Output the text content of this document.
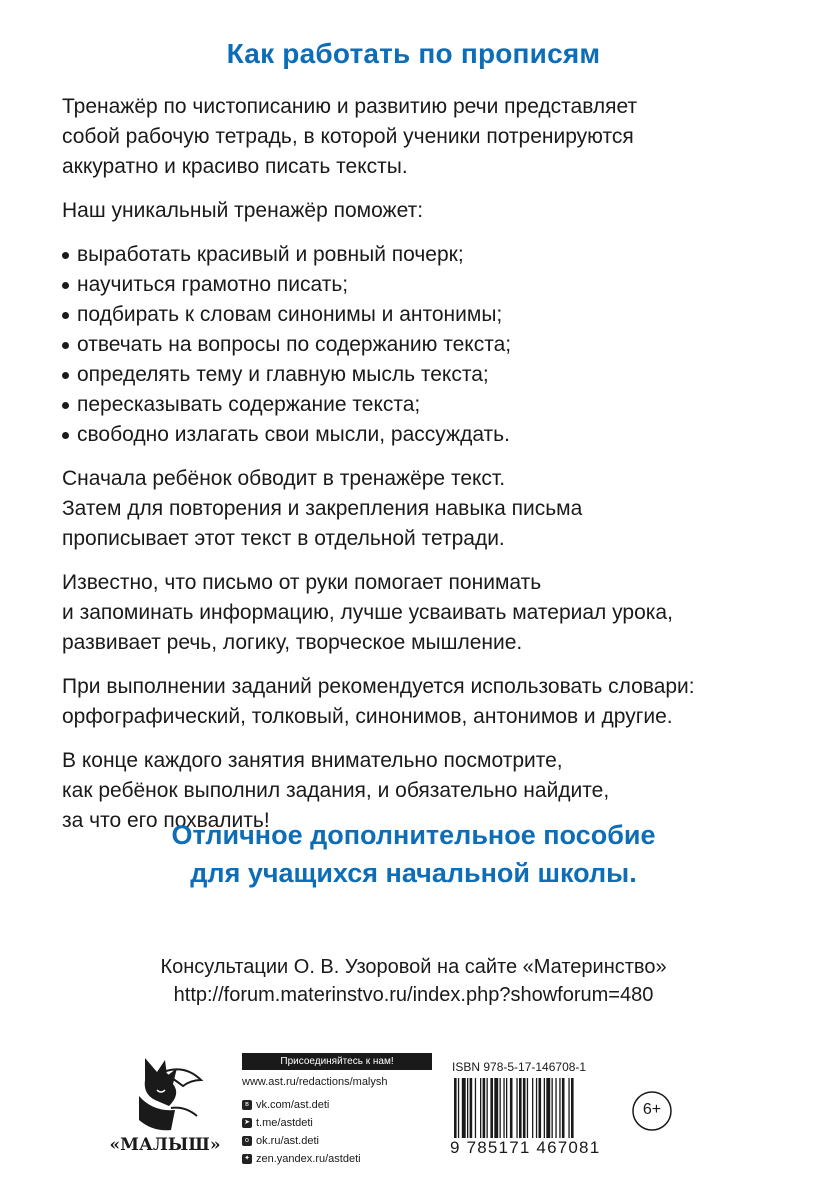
Как работать по прописям

Тренажёр по чистописанию и развитию речи представляет
собой рабочую тетрадь, в которой ученики потренируются
аккуратно и красиво писать тексты.

Наш уникальный тренажёр поможет:

выработать красивый и ровный почерк;
научиться грамотно писать;
подбирать к словам синонимы и антонимы;
отвечать на вопросы по содержанию текста;
определять тему и главную мысль текста;
пересказывать содержание текста;
свободно излагать свои мысли, рассуждать.

Сначала ребёнок обводит в тренажёре текст.
Затем для повторения и закрепления навыка письма
прописывает этот текст в отдельной тетради.

Известно, что письмо от руки помогает понимать
и запоминать информацию, лучше усваивать материал урока,
развивает речь, логику, творческое мышление.

При выполнении заданий рекомендуется использовать словари:
орфографический, толковый, синонимов, антонимов и другие.

В конце каждого занятия внимательно посмотрите,
как ребёнок выполнил задания, и обязательно найдите,
за что его похвалить!

Отличное дополнительное пособие
для учащихся начальной школы.
Консультации О. В. Узоровой на сайте «Материнство»
http://forum.materinstvo.ru/index.php?showforum=480
«МАЛЫШ»
Присоединяйтесь к нам!
www.ast.ru/redactions/malysh
в vk.com/ast.deti
➤ t.me/astdeti
о ok.ru/ast.deti
✦ zen.yandex.ru/astdeti
ISBN 978-5-17-146708-1
9 785171 467081
6+
